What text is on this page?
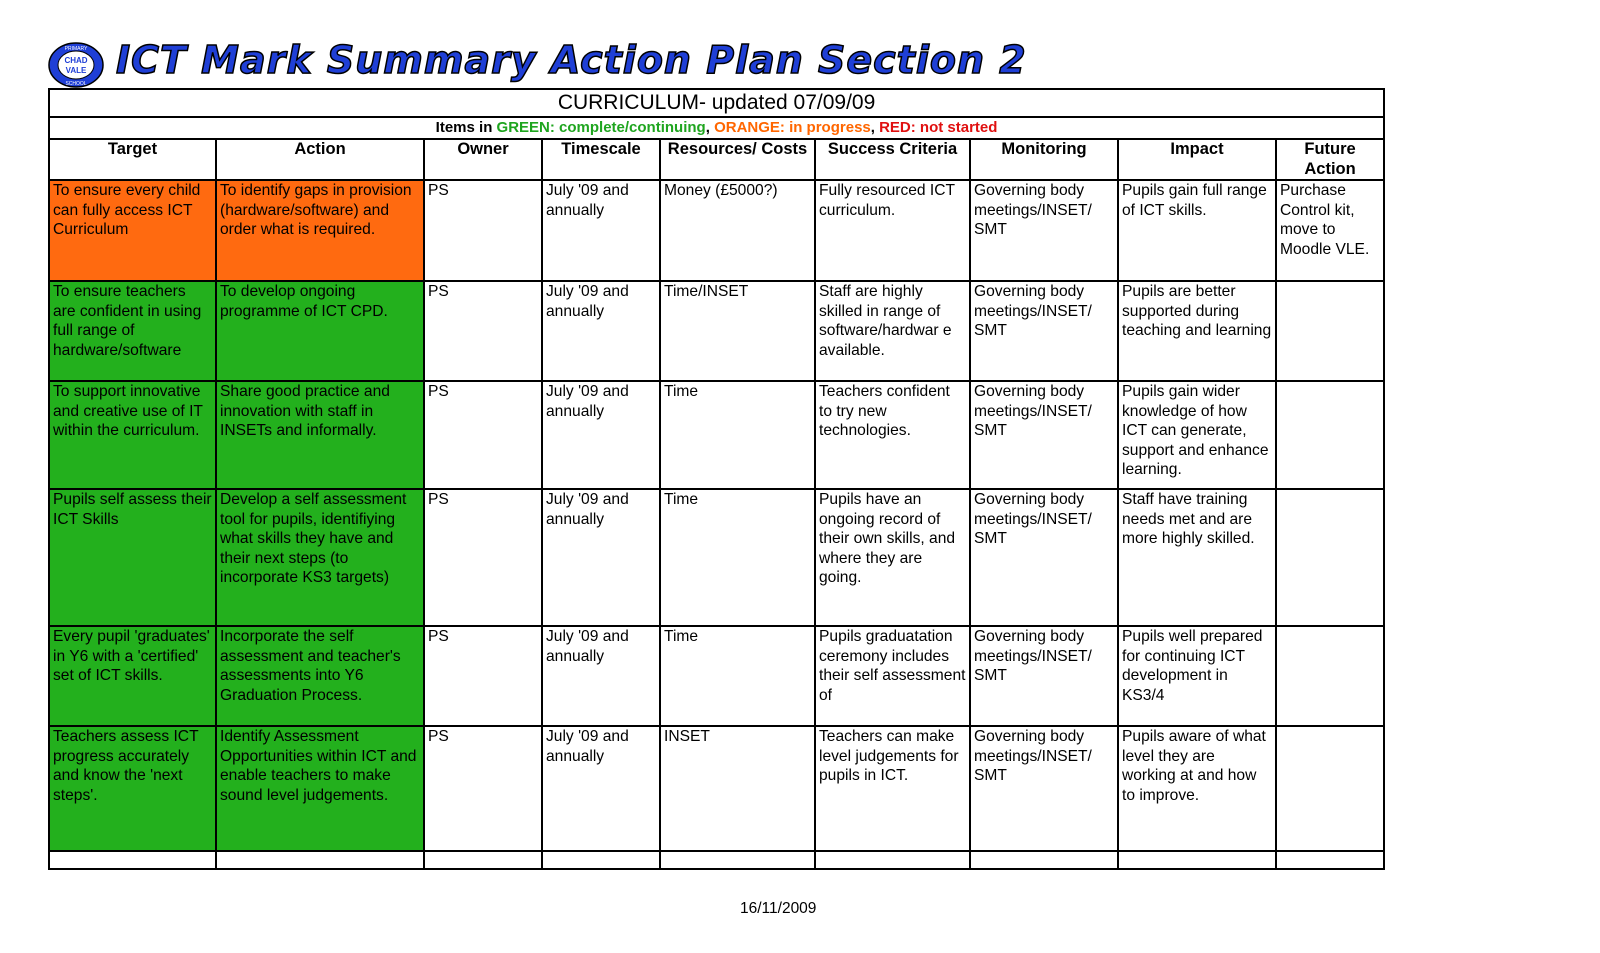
CHAD
VALE
PRIMARY
SCHOOL
ICT Mark Summary Action Plan Section 2
CURRICULUM- updated 07/09/09								
Items in GREEN: complete/continuing, ORANGE: in progress, RED: not started								
Target	Action	Owner	Timescale	Resources/ Costs	Success Criteria	Monitoring	Impact	Future Action
To ensure every child can fully access ICT Curriculum	To identify gaps in provision (hardware/software) and order what is required.	PS	July '09 and annually	Money (£5000?)	Fully resourced ICT curriculum.	Governing body meetings/INSET/ SMT	Pupils gain full range of ICT skills.	Purchase Control kit, move to Moodle VLE.
To ensure teachers are confident in using full range of hardware/software	To develop ongoing programme of ICT CPD.	PS	July '09 and annually	Time/INSET	Staff are highly skilled in range of software/hardwar e available.	Governing body meetings/INSET/ SMT	Pupils are better supported during teaching and learning	
To support innovative and creative use of IT within the curriculum.	Share good practice and innovation with staff in INSETs and informally.	PS	July '09 and annually	Time	Teachers confident to try new technologies.	Governing body meetings/INSET/ SMT	Pupils gain wider knowledge of how ICT can generate, support and enhance learning.	
Pupils self assess their ICT Skills	Develop a self assessment tool for pupils, identifiying what skills they have and their next steps (to incorporate KS3 targets)	PS	July '09 and annually	Time	Pupils have an ongoing record of their own skills, and where they are going.	Governing body meetings/INSET/ SMT	Staff have training needs met and are more highly skilled.	
Every pupil 'graduates' in Y6 with a 'certified' set of ICT skills.	Incorporate the self assessment and teacher's assessments into Y6 Graduation Process.	PS	July '09 and annually	Time	Pupils graduatation ceremony includes their self assessment of	Governing body meetings/INSET/ SMT	Pupils well prepared for continuing ICT development in KS3/4	
Teachers assess ICT progress accurately and know the 'next steps'.	Identify Assessment Opportunities within ICT and enable teachers to make sound level judgements.	PS	July '09 and annually	INSET	Teachers can make level judgements for pupils in ICT.	Governing body meetings/INSET/ SMT	Pupils aware of what level they are working at and how to improve.	

16/11/2009
